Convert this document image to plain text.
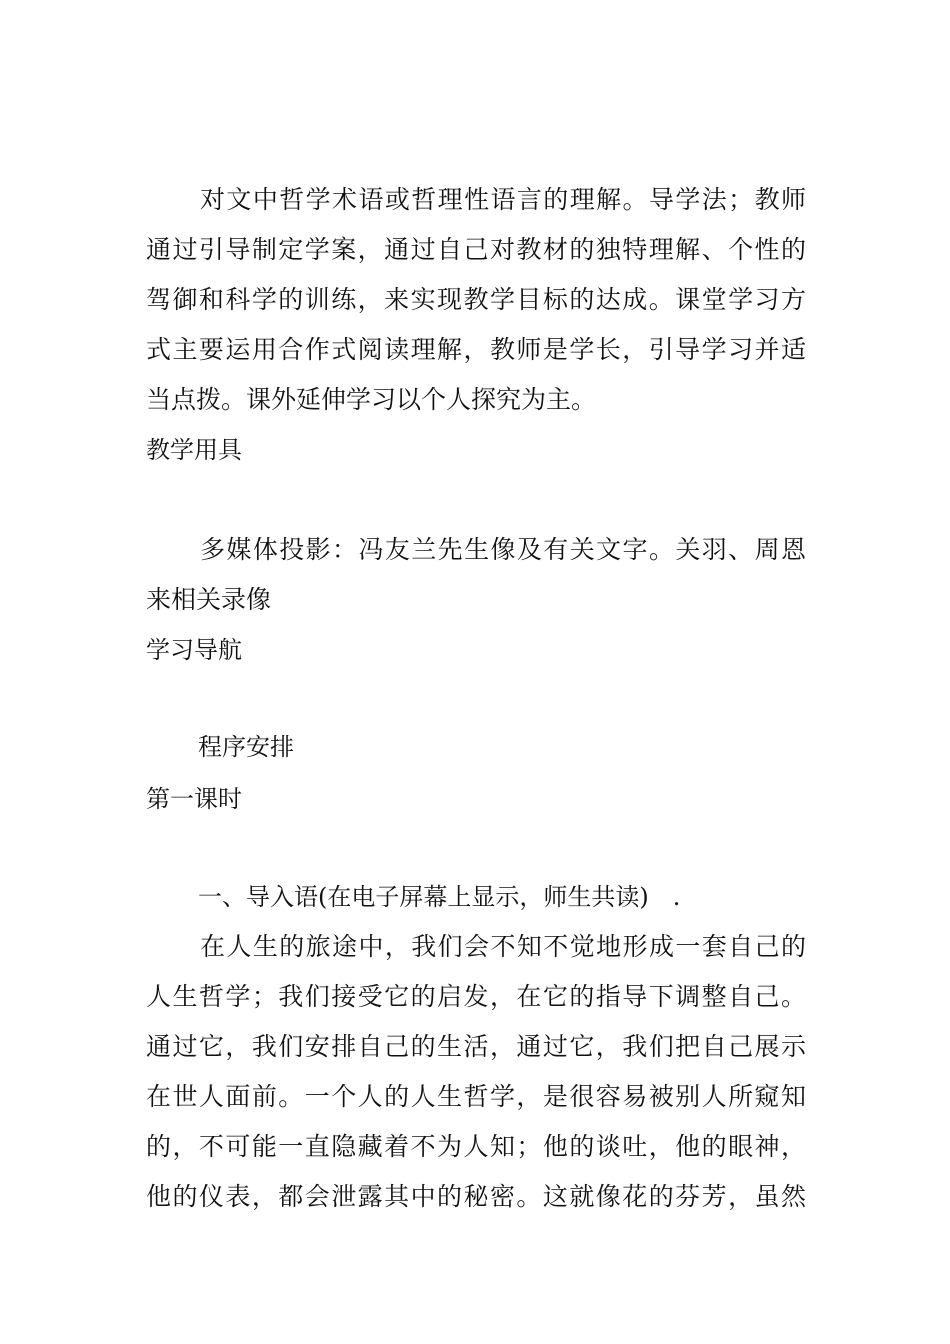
对文中哲学术语或哲理性语言的理解。导学法；教师
通过引导制定学案，通过自己对教材的独特理解、个性的
驾御和科学的训练，来实现教学目标的达成。课堂学习方
式主要运用合作式阅读理解，教师是学长，引导学习并适
当点拨。课外延伸学习以个人探究为主。
教学用具
多媒体投影：冯友兰先生像及有关文字。关羽、周恩
来相关录像
学习导航
程序安排
第一课时
一、导入语(在电子屏幕上显示，师生共读)　.
在人生的旅途中，我们会不知不觉地形成一套自己的
人生哲学；我们接受它的启发，在它的指导下调整自己。
通过它，我们安排自己的生活，通过它，我们把自己展示
在世人面前。一个人的人生哲学，是很容易被别人所窥知
的，不可能一直隐藏着不为人知；他的谈吐，他的眼神，
他的仪表，都会泄露其中的秘密。这就像花的芬芳，虽然
